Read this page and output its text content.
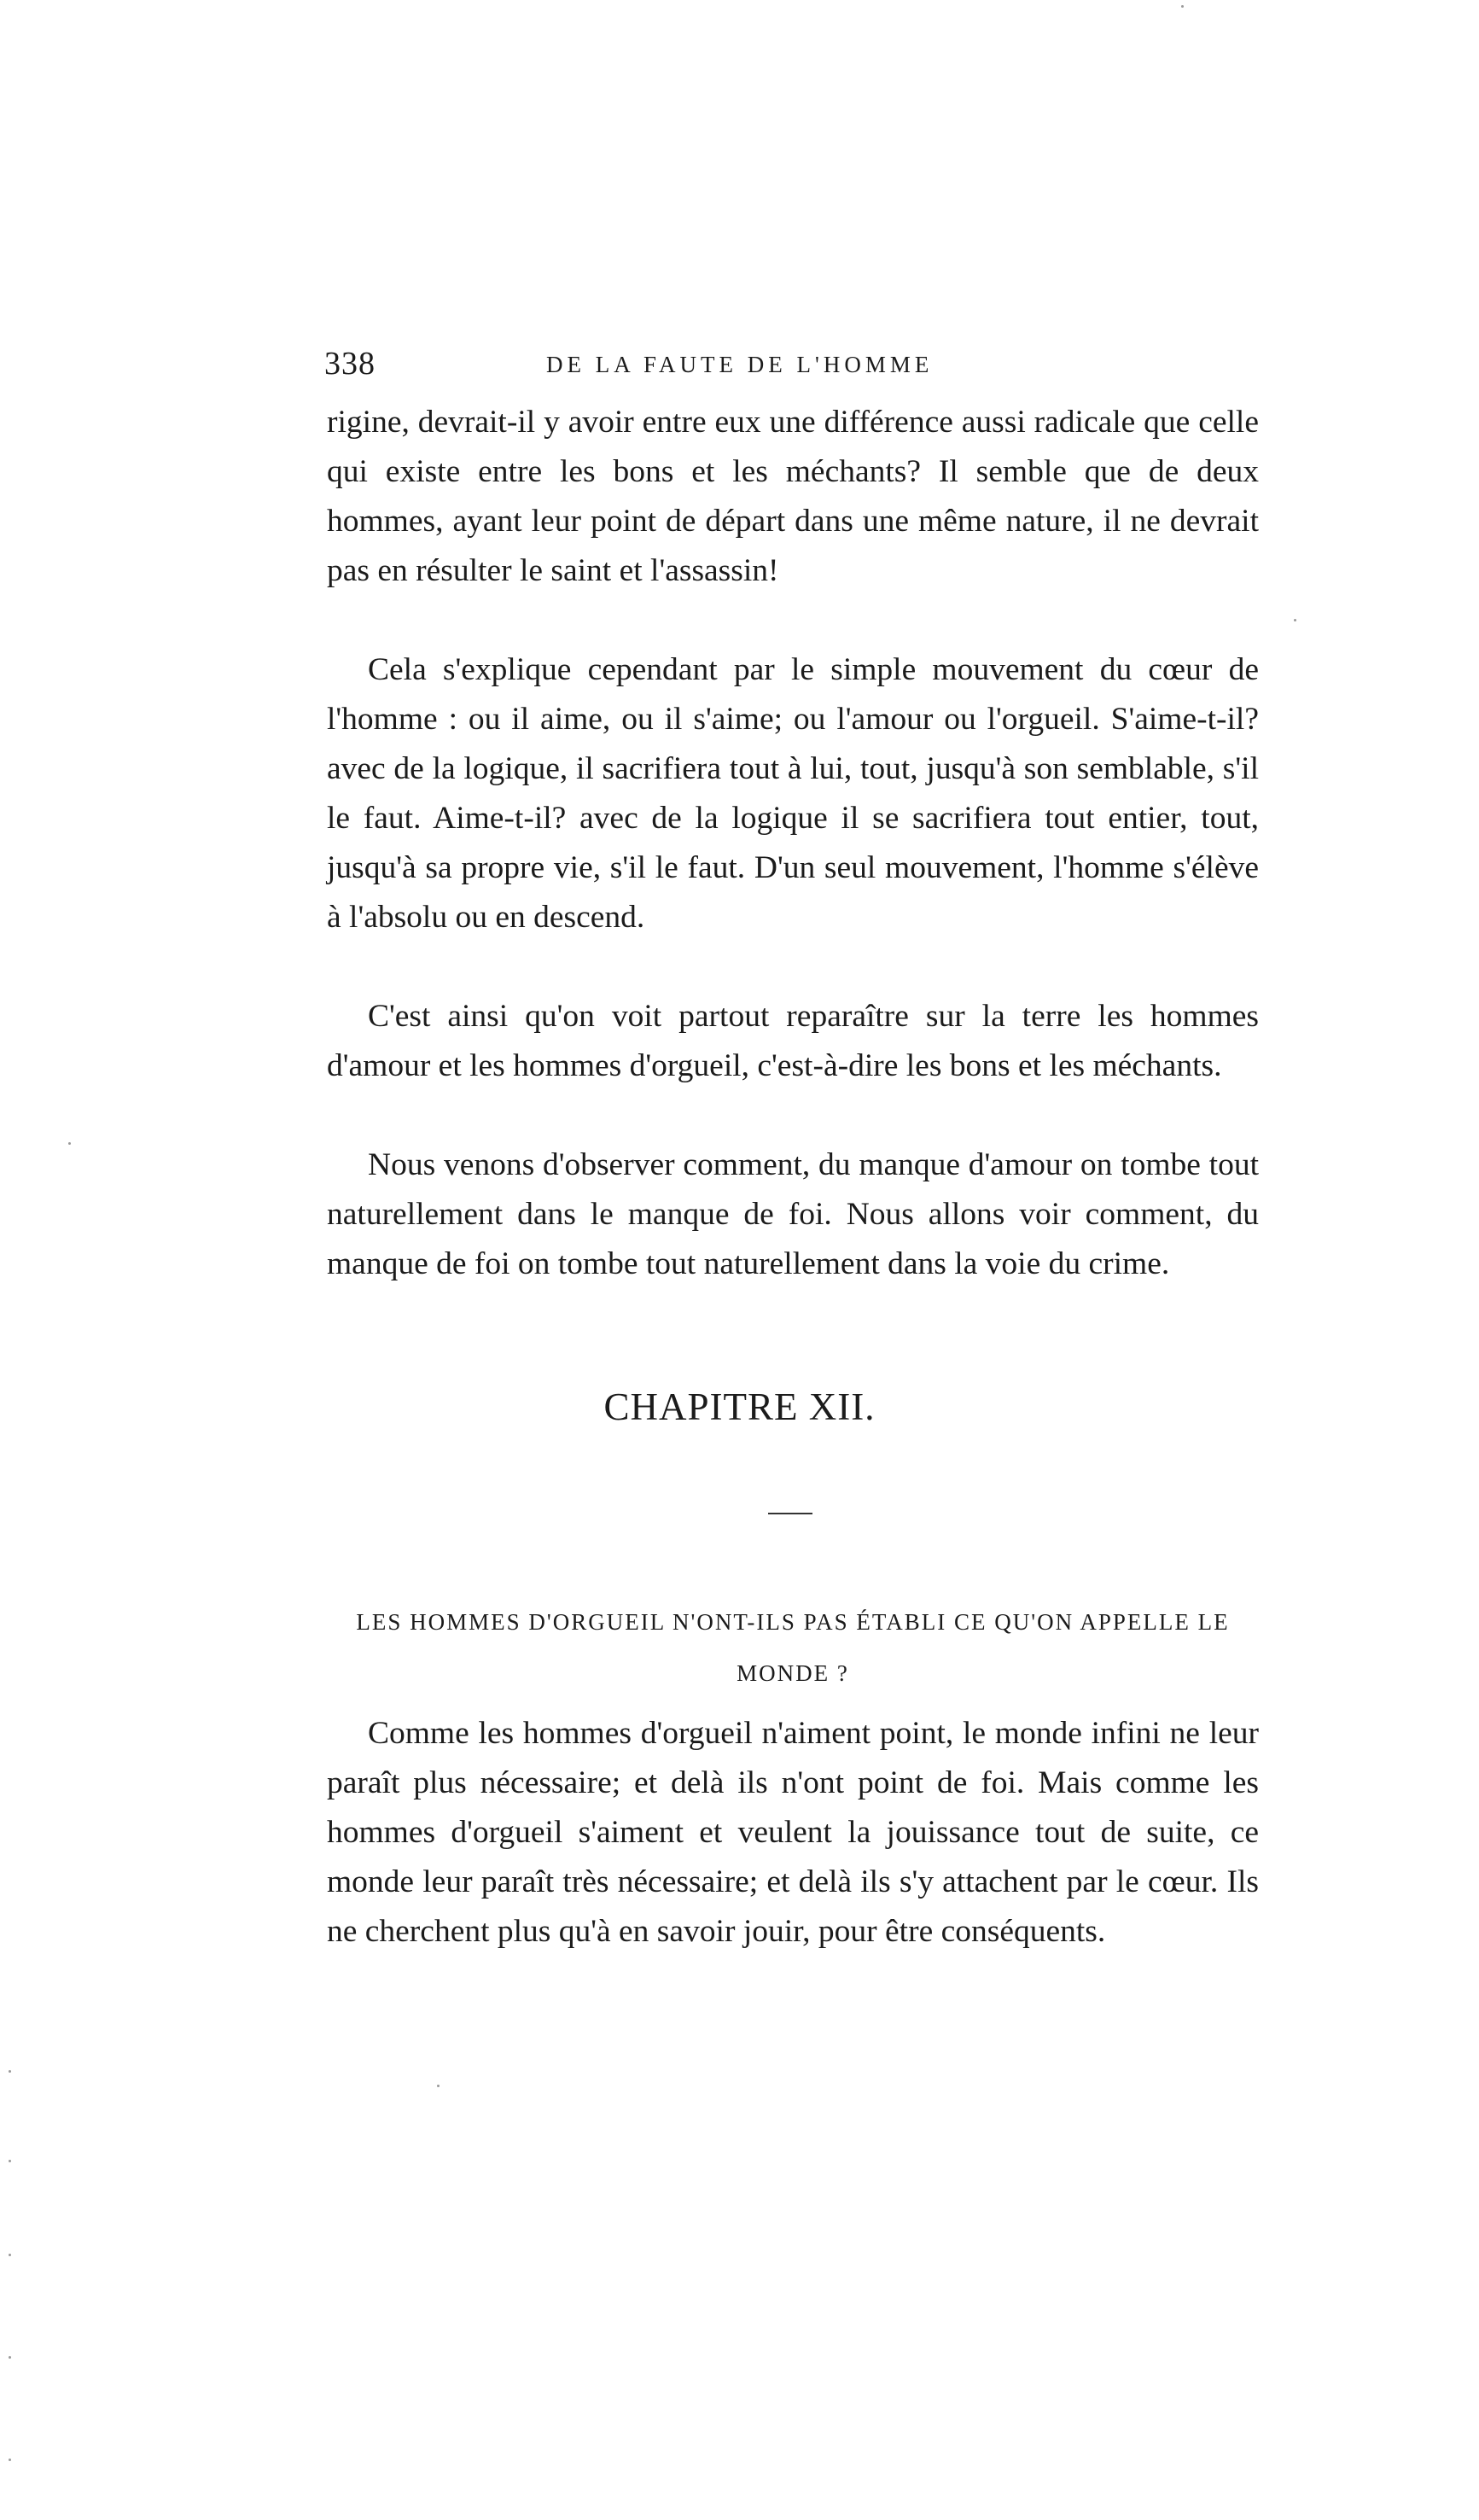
338	DE LA FAUTE DE L'HOMME

rigine, devrait-il y avoir entre eux une différence aussi radicale que celle qui existe entre les bons et les méchants? Il semble que de deux hommes, ayant leur point de départ dans une même nature, il ne devrait pas en résulter le saint et l'assassin!

Cela s'explique cependant par le simple mouvement du cœur de l'homme : ou il aime, ou il s'aime; ou l'amour ou l'orgueil. S'aime-t-il? avec de la logique, il sacrifiera tout à lui, tout, jusqu'à son semblable, s'il le faut. Aime-t-il? avec de la logique il se sacrifiera tout entier, tout, jusqu'à sa propre vie, s'il le faut. D'un seul mouvement, l'homme s'élève à l'absolu ou en descend.

C'est ainsi qu'on voit partout reparaître sur la terre les hommes d'amour et les hommes d'orgueil, c'est-à-dire les bons et les méchants.

Nous venons d'observer comment, du manque d'amour on tombe tout naturellement dans le manque de foi. Nous allons voir comment, du manque de foi on tombe tout naturellement dans la voie du crime.

CHAPITRE XII.
LES HOMMES D'ORGUEIL N'ONT-ILS PAS ÉTABLI CE QU'ON APPELLE LE MONDE ?

Comme les hommes d'orgueil n'aiment point, le monde infini ne leur paraît plus nécessaire; et delà ils n'ont point de foi. Mais comme les hommes d'orgueil s'aiment et veulent la jouissance tout de suite, ce monde leur paraît très nécessaire; et delà ils s'y attachent par le cœur. Ils ne cherchent plus qu'à en savoir jouir, pour être conséquents.
